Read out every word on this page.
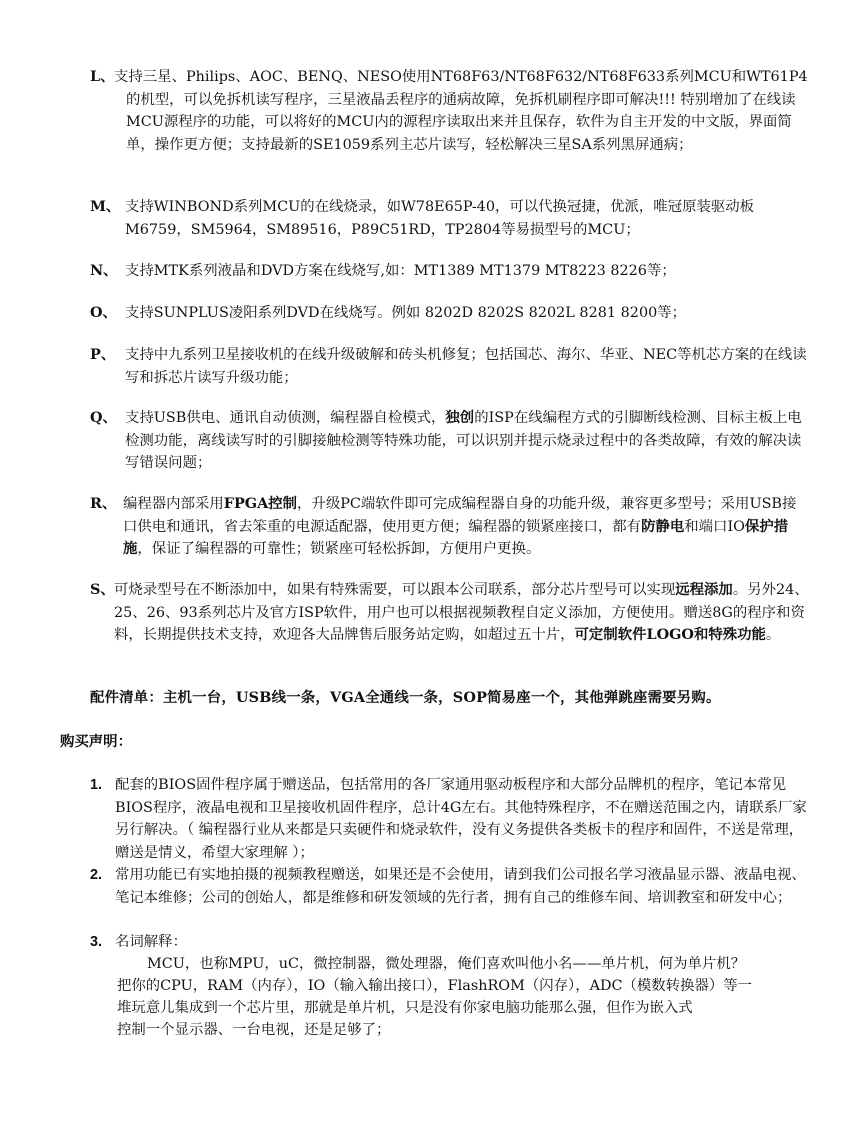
L、 支持三星、Philips、AOC、BENQ、NESO使用NT68F63/NT68F632/NT68F633系列MCU和WT61P4的机型，可以免拆机读写程序，三星液晶丢程序的通病故障，免拆机刷程序即可解决!!! 特别增加了在线读MCU源程序的功能，可以将好的MCU内的源程序读取出来并且保存，软件为自主开发的中文版，界面简单，操作更方便；支持最新的SE1059系列主芯片读写，轻松解决三星SA系列黑屏通病；
M、 支持WINBOND系列MCU的在线烧录，如W78E65P-40，可以代换冠捷，优派，唯冠原装驱动板M6759，SM5964，SM89516，P89C51RD，TP2804等易损型号的MCU；
N、 支持MTK系列液晶和DVD方案在线烧写,如：MT1389 MT1379 MT8223 8226等；
O、 支持SUNPLUS凌阳系列DVD在线烧写。例如 8202D 8202S 8202L 8281 8200等；
P、 支持中九系列卫星接收机的在线升级破解和砖头机修复；包括国芯、海尔、华亚、NEC等机芯方案的在线读写和拆芯片读写升级功能；
Q、 支持USB供电、通讯自动侦测，编程器自检模式，独创的ISP在线编程方式的引脚断线检测、目标主板上电检测功能，离线读写时的引脚接触检测等特殊功能，可以识别并提示烧录过程中的各类故障，有效的解决读写错误问题；
R、 编程器内部采用FPGA控制，升级PC端软件即可完成编程器自身的功能升级，兼容更多型号；采用USB接口供电和通讯，省去笨重的电源适配器，使用更方便；编程器的锁紧座接口，都有防静电和端口IO保护措施，保证了编程器的可靠性；锁紧座可轻松拆卸，方便用户更换。
S、 可烧录型号在不断添加中，如果有特殊需要，可以跟本公司联系，部分芯片型号可以实现远程添加。另外24、25、26、93系列芯片及官方ISP软件，用户也可以根据视频教程自定义添加，方便使用。赠送8G的程序和资料，长期提供技术支持，欢迎各大品牌售后服务站定购，如超过五十片，可定制软件LOGO和特殊功能。
配件清单：主机一台，USB线一条，VGA全通线一条，SOP简易座一个，其他弹跳座需要另购。
购买声明：
1. 配套的BIOS固件程序属于赠送品，包括常用的各厂家通用驱动板程序和大部分品牌机的程序，笔记本常见BIOS程序，液晶电视和卫星接收机固件程序，总计4G左右。其他特殊程序，不在赠送范围之内，请联系厂家另行解决。（ 编程器行业从来都是只卖硬件和烧录软件，没有义务提供各类板卡的程序和固件，不送是常理，赠送是情义，希望大家理解 ）；
2. 常用功能已有实地拍摄的视频教程赠送，如果还是不会使用，请到我们公司报名学习液晶显示器、液晶电视、笔记本维修；公司的创始人，都是维修和研发领域的先行者，拥有自己的维修车间、培训教室和研发中心；
3. 名词解释：
MCU，也称MPU，uC，微控制器，微处理器，俺们喜欢叫他小名——单片机，何为单片机？
把你的CPU，RAM（内存），IO（输入输出接口），FlashROM（闪存），ADC（模数转换器）等一
堆玩意儿集成到一个芯片里，那就是单片机，只是没有你家电脑功能那么强，但作为嵌入式
控制一个显示器、一台电视，还是足够了；
